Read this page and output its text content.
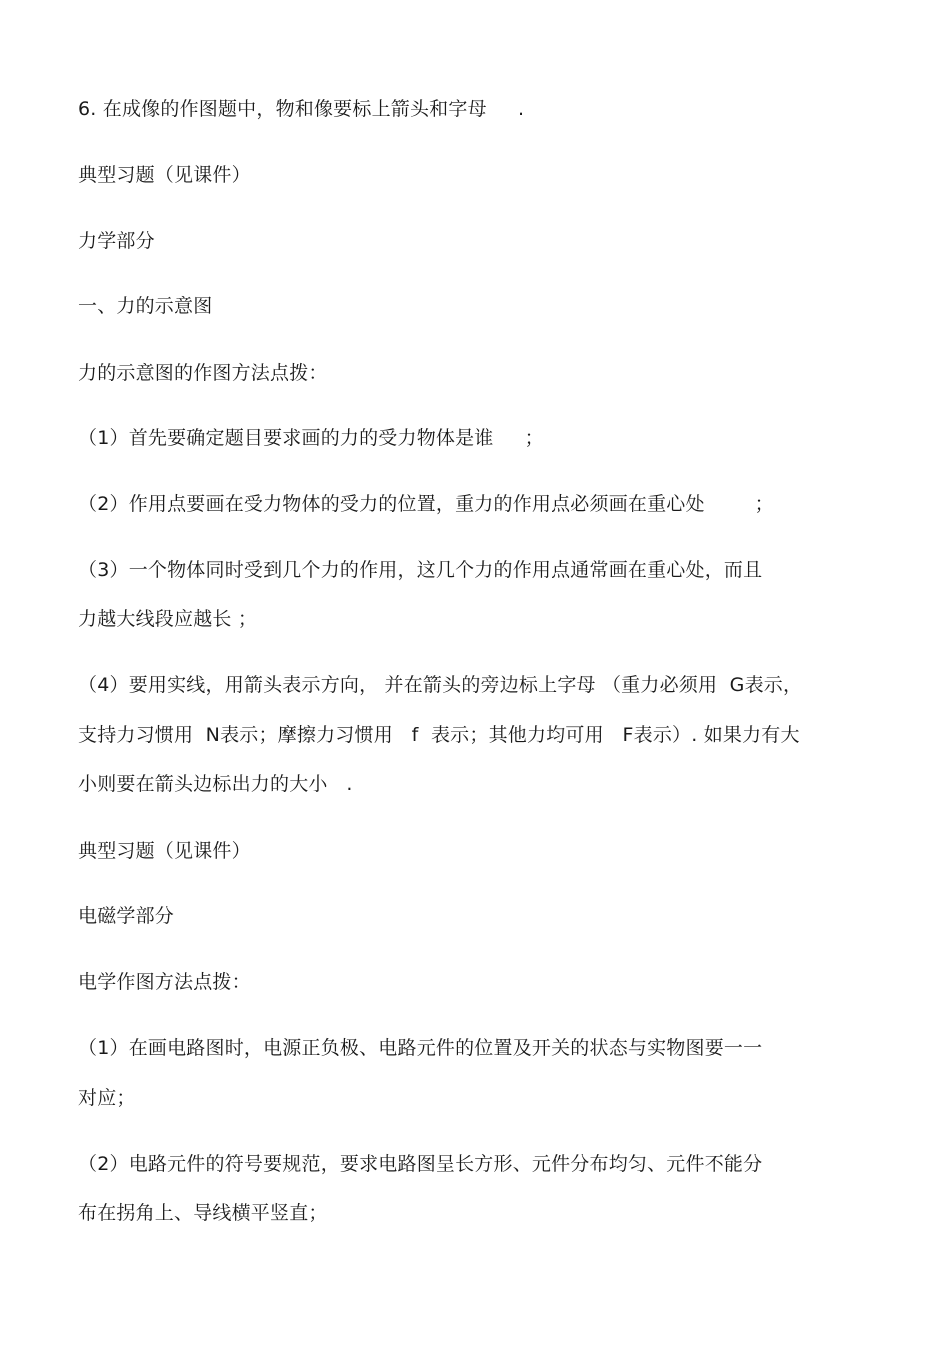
6. 在成像的作图题中，物和像要标上箭头和字母     .
典型习题（见课件）
力学部分
一、力的示意图
力的示意图的作图方法点拨：
（1）首先要确定题目要求画的力的受力物体是谁     ；
（2）作用点要画在受力物体的受力的位置，重力的作用点必须画在重心处        ；
（3）一个物体同时受到几个力的作用，这几个力的作用点通常画在重心处，而且
力越大线段应越长 ；
（4）要用实线，用箭头表示方向， 并在箭头的旁边标上字母 （重力必须用  G表示，
支持力习惯用  N表示；摩擦力习惯用   f  表示；其他力均可用   F表示）. 如果力有大
小则要在箭头边标出力的大小   .
典型习题（见课件）
电磁学部分
电学作图方法点拨：
（1）在画电路图时，电源正负极、电路元件的位置及开关的状态与实物图要一一
对应；
（2）电路元件的符号要规范，要求电路图呈长方形、元件分布均匀、元件不能分
布在拐角上、导线横平竖直；
